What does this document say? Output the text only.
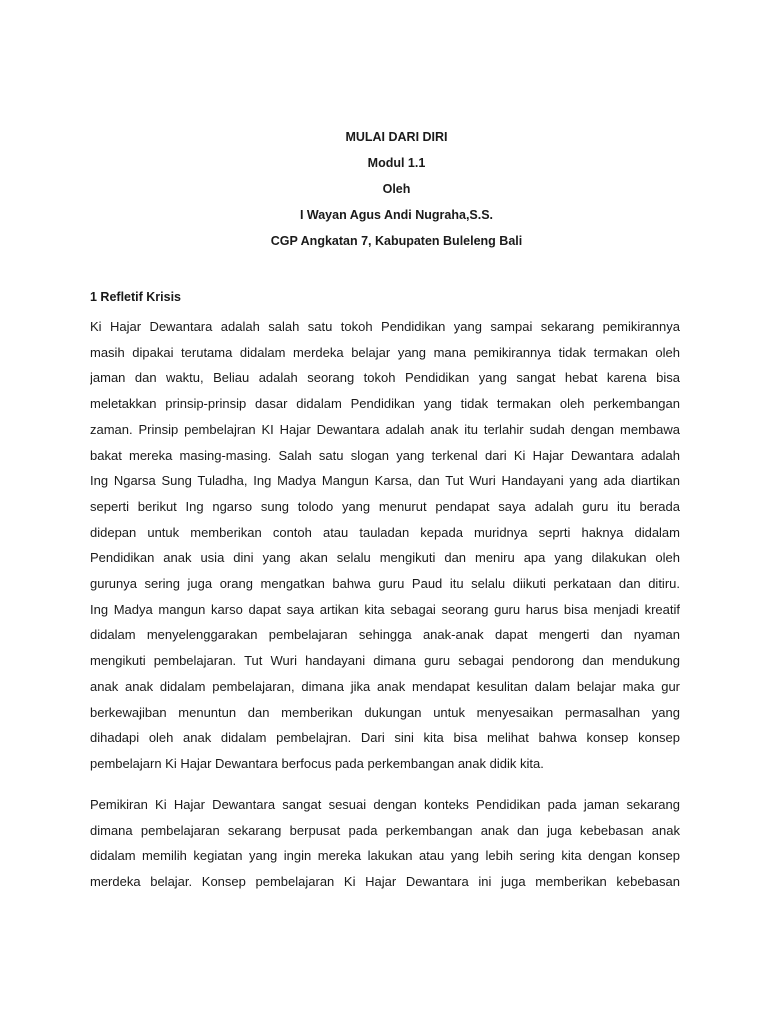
MULAI DARI DIRI
Modul 1.1
Oleh
I Wayan Agus Andi Nugraha,S.S.
CGP Angkatan 7, Kabupaten Buleleng Bali
1 Refletif Krisis
Ki Hajar Dewantara adalah salah satu tokoh Pendidikan yang sampai sekarang pemikirannya
masih dipakai terutama didalam merdeka belajar yang mana pemikirannya tidak termakan oleh
jaman dan waktu, Beliau adalah seorang tokoh Pendidikan yang sangat hebat karena bisa
meletakkan prinsip-prinsip dasar didalam Pendidikan yang tidak termakan oleh perkembangan
zaman. Prinsip pembelajran KI Hajar Dewantara adalah anak itu terlahir sudah dengan membawa
bakat mereka masing-masing. Salah satu slogan yang terkenal dari Ki Hajar Dewantara adalah
Ing Ngarsa Sung Tuladha, Ing Madya Mangun Karsa, dan Tut Wuri Handayani yang ada diartikan
seperti berikut Ing ngarso sung tolodo yang menurut pendapat saya adalah guru itu berada
didepan untuk memberikan contoh atau tauladan kepada muridnya seprti haknya didalam
Pendidikan anak usia dini yang akan selalu mengikuti dan meniru apa yang dilakukan oleh
gurunya sering juga orang mengatkan bahwa guru Paud itu selalu diikuti perkataan dan ditiru.
Ing Madya mangun karso dapat saya artikan kita sebagai seorang guru harus bisa menjadi kreatif
didalam menyelenggarakan pembelajaran sehingga anak-anak dapat mengerti dan nyaman
mengikuti pembelajaran. Tut Wuri handayani dimana guru sebagai pendorong dan mendukung
anak anak didalam pembelajaran, dimana jika anak mendapat kesulitan dalam belajar maka gur
berkewajiban menuntun dan memberikan dukungan untuk menyesaikan permasalhan yang
dihadapi oleh anak didalam pembelajran. Dari sini kita bisa melihat bahwa konsep konsep
pembelajarn Ki Hajar Dewantara berfocus pada perkembangan anak didik kita.
Pemikiran Ki Hajar Dewantara sangat sesuai dengan konteks Pendidikan pada jaman sekarang
dimana pembelajaran sekarang berpusat pada perkembangan anak dan juga kebebasan anak
didalam memilih kegiatan yang ingin mereka lakukan atau yang lebih sering kita dengan konsep
merdeka belajar. Konsep pembelajaran Ki Hajar Dewantara ini juga memberikan kebebasan
